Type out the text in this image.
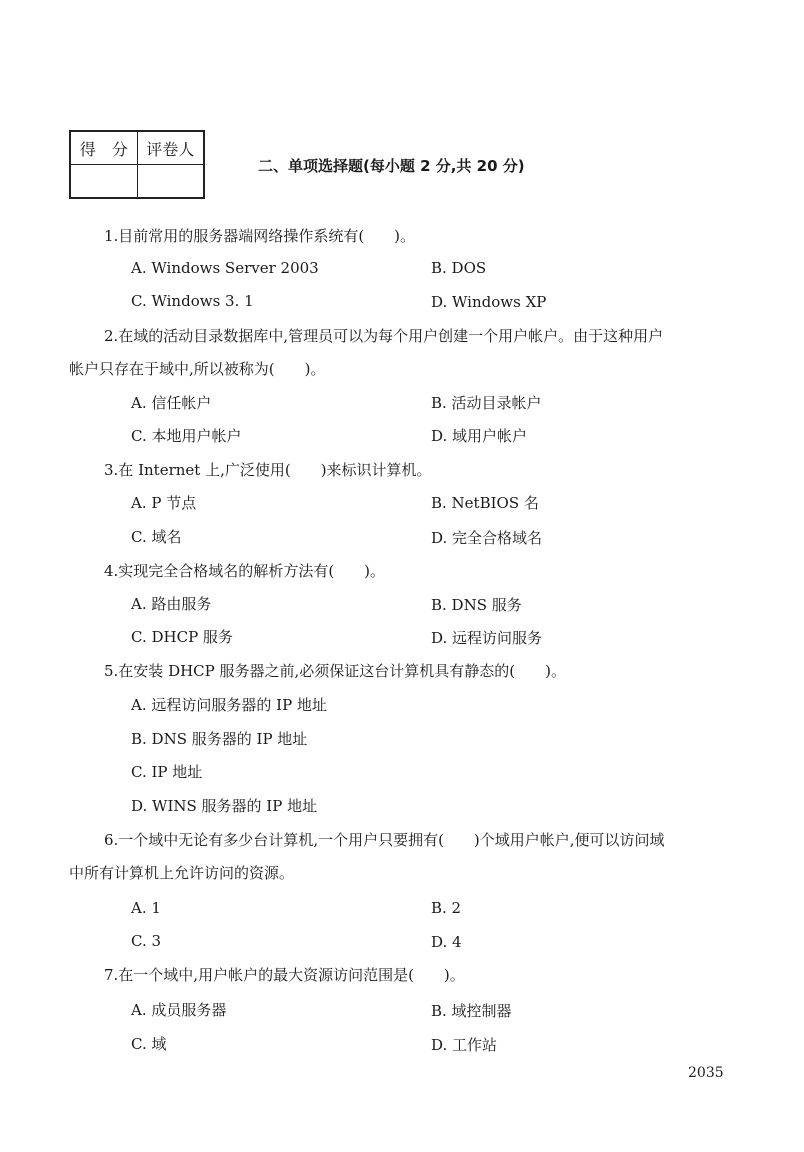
得　分	评卷人

二、单项选择题(每小题 2 分,共 20 分)
1.目前常用的服务器端网络操作系统有(　　)。
A. Windows Server 2003	B. DOS
C. Windows 3. 1	D. Windows XP
2.在域的活动目录数据库中,管理员可以为每个用户创建一个用户帐户。由于这种用户
帐户只存在于域中,所以被称为(　　)。
A. 信任帐户	B. 活动目录帐户
C. 本地用户帐户	D. 域用户帐户
3.在 Internet 上,广泛使用(　　)来标识计算机。
A. P 节点	B. NetBIOS 名
C. 域名	D. 完全合格域名
4.实现完全合格域名的解析方法有(　　)。
A. 路由服务	B. DNS 服务
C. DHCP 服务	D. 远程访问服务
5.在安装 DHCP 服务器之前,必须保证这台计算机具有静态的(　　)。
A. 远程访问服务器的 IP 地址
B. DNS 服务器的 IP 地址
C. IP 地址
D. WINS 服务器的 IP 地址
6.一个域中无论有多少台计算机,一个用户只要拥有(　　)个域用户帐户,便可以访问域
中所有计算机上允许访问的资源。
A. 1	B. 2
C. 3	D. 4
7.在一个域中,用户帐户的最大资源访问范围是(　　)。
A. 成员服务器	B. 域控制器
C. 域	D. 工作站
2035
